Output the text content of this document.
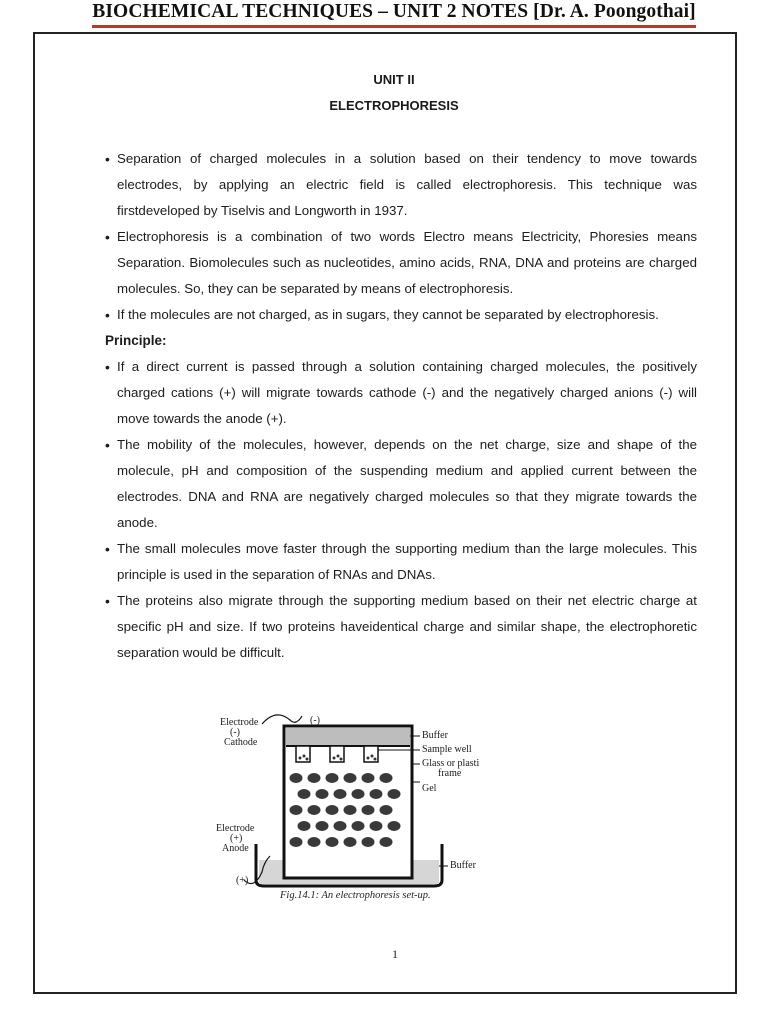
BIOCHEMICAL TECHNIQUES – UNIT 2 NOTES [Dr. A. Poongothai]
UNIT II
ELECTROPHORESIS

• Separation of charged molecules in a solution based on their tendency to move towards electrodes, by applying an electric field is called electrophoresis. This technique was firstdeveloped by Tiselvis and Longworth in 1937.

• Electrophoresis is a combination of two words Electro means Electricity, Phoresies means Separation. Biomolecules such as nucleotides, amino acids, RNA, DNA and proteins are charged molecules. So, they can be separated by means of electrophoresis.

• If the molecules are not charged, as in sugars, they cannot be separated by electrophoresis.

Principle:

• If a direct current is passed through a solution containing charged molecules, the positively charged cations (+) will migrate towards cathode (-) and the negatively charged anions (-) will move towards the anode (+).

• The mobility of the molecules, however, depends on the net charge, size and shape of the molecule, pH and composition of the suspending medium and applied current between the electrodes. DNA and RNA are negatively charged molecules so that they migrate towards the anode.

• The small molecules move faster through the supporting medium than the large molecules. This principle is used in the separation of RNAs and DNAs.

• The proteins also migrate through the supporting medium based on their net electric charge at specific pH and size. If two proteins haveidentical charge and similar shape, the electrophoretic separation would be difficult.

Electrode
(-)
Cathode
(-)
Buffer
Sample well
Glass or plasti
frame
Gel
Electrode
(+)
Anode
(+)
Buffer
Fig.14.1: An electrophoresis set-up.
1
